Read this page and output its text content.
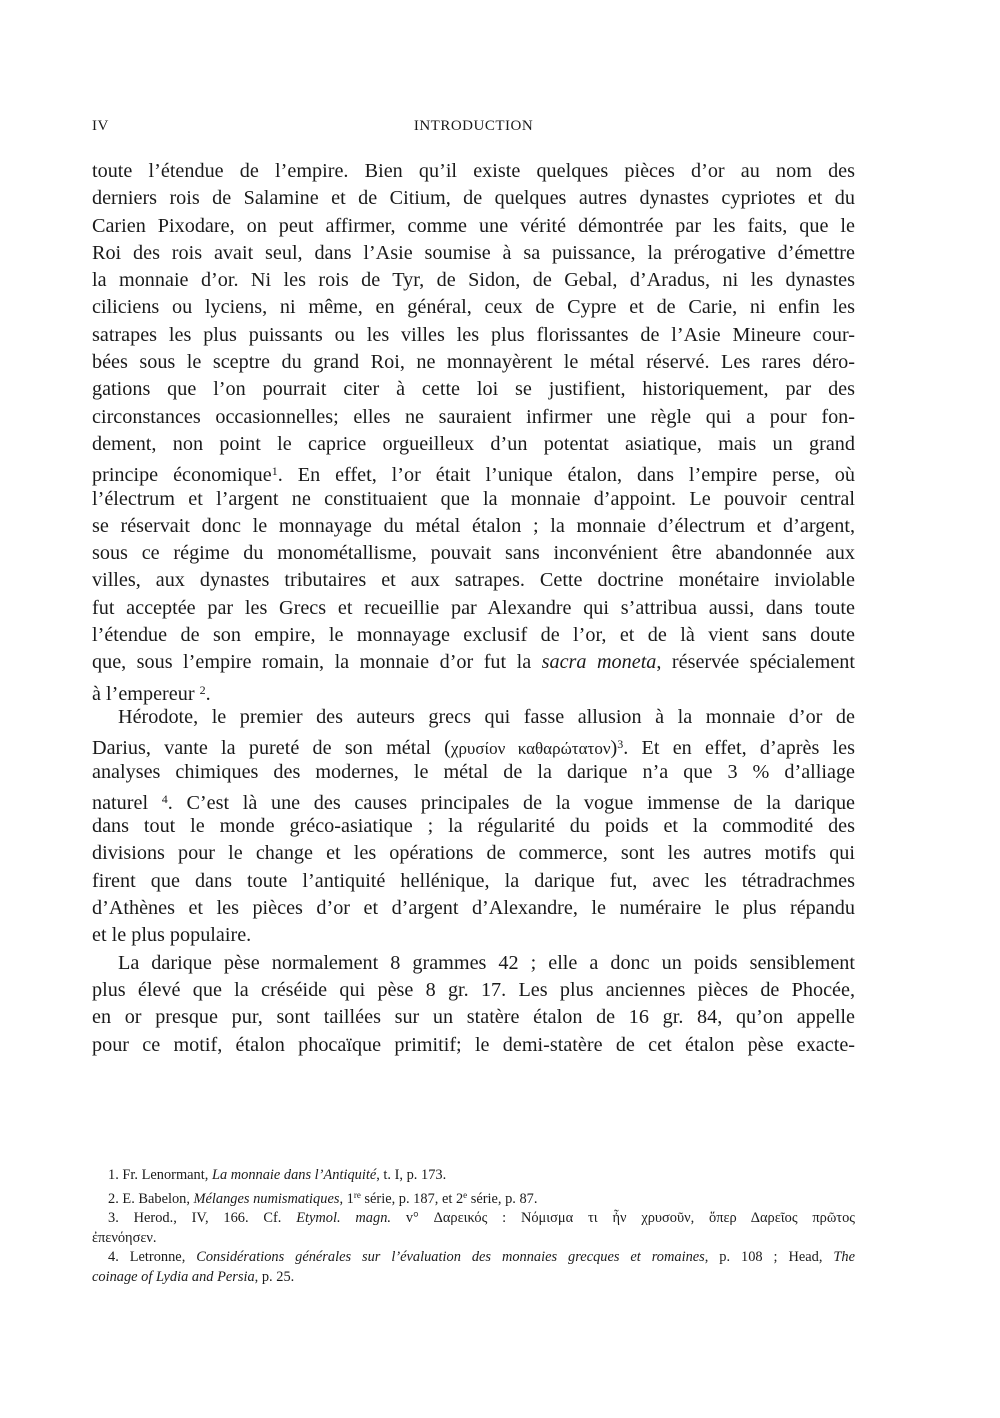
IV	INTRODUCTION
toute l’étendue de l’empire. Bien qu’il existe quelques pièces d’or au nom des
derniers rois de Salamine et de Citium, de quelques autres dynastes cypriotes et du
Carien Pixodare, on peut affirmer, comme une vérité démontrée par les faits, que le
Roi des rois avait seul, dans l’Asie soumise à sa puissance, la prérogative d’émettre
la monnaie d’or. Ni les rois de Tyr, de Sidon, de Gebal, d’Aradus, ni les dynastes
ciliciens ou lyciens, ni même, en général, ceux de Cypre et de Carie, ni enfin les
satrapes les plus puissants ou les villes les plus florissantes de l’Asie Mineure cour-
bées sous le sceptre du grand Roi, ne monnayèrent le métal réservé. Les rares déro-
gations que l’on pourrait citer à cette loi se justifient, historiquement, par des
circonstances occasionnelles; elles ne sauraient infirmer une règle qui a pour fon-
dement, non point le caprice orgueilleux d’un potentat asiatique, mais un grand
principe économique$^1$. En effet, l’or était l’unique étalon, dans l’empire perse, où
l’électrum et l’argent ne constituaient que la monnaie d’appoint. Le pouvoir central
se réservait donc le monnayage du métal étalon ; la monnaie d’électrum et d’argent,
sous ce régime du monométallisme, pouvait sans inconvénient être abandonnée aux
villes, aux dynastes tributaires et aux satrapes. Cette doctrine monétaire inviolable
fut acceptée par les Grecs et recueillie par Alexandre qui s’attribua aussi, dans toute
l’étendue de son empire, le monnayage exclusif de l’or, et de là vient sans doute
que, sous l’empire romain, la monnaie d’or fut la sacra moneta, réservée spécialement
à l’empereur $^2$.
Hérodote, le premier des auteurs grecs qui fasse allusion à la monnaie d’or de
Darius, vante la pureté de son métal (χρυσίον καθαρώτατον)$^3$. Et en effet, d’après les
analyses chimiques des modernes, le métal de la darique n’a que 3 % d’alliage
naturel $^4$. C’est là une des causes principales de la vogue immense de la darique
dans tout le monde gréco-asiatique ; la régularité du poids et la commodité des
divisions pour le change et les opérations de commerce, sont les autres motifs qui
firent que dans toute l’antiquité hellénique, la darique fut, avec les tétradrachmes
d’Athènes et les pièces d’or et d’argent d’Alexandre, le numéraire le plus répandu
et le plus populaire.
La darique pèse normalement 8 grammes 42 ; elle a donc un poids sensiblement
plus élevé que la créséide qui pèse 8 gr. 17. Les plus anciennes pièces de Phocée,
en or presque pur, sont taillées sur un statère étalon de 16 gr. 84, qu’on appelle
pour ce motif, étalon phocaïque primitif; le demi-statère de cet étalon pèse exacte-
1. Fr. Lenormant, La monnaie dans l’Antiquité, t. I, p. 173.
2. E. Babelon, Mélanges numismatiques, 1re série, p. 187, et 2e série, p. 87.
3. Herod., IV, 166. Cf. Etymol. magn. v° Δαρεικός : Νόμισμα τι ἦν χρυσοῦν, ὅπερ Δαρεῖος πρῶτος
ἐπενόησεν.
4. Letronne, Considérations générales sur l’évaluation des monnaies grecques et romaines, p. 108 ; Head, The
coinage of Lydia and Persia, p. 25.
